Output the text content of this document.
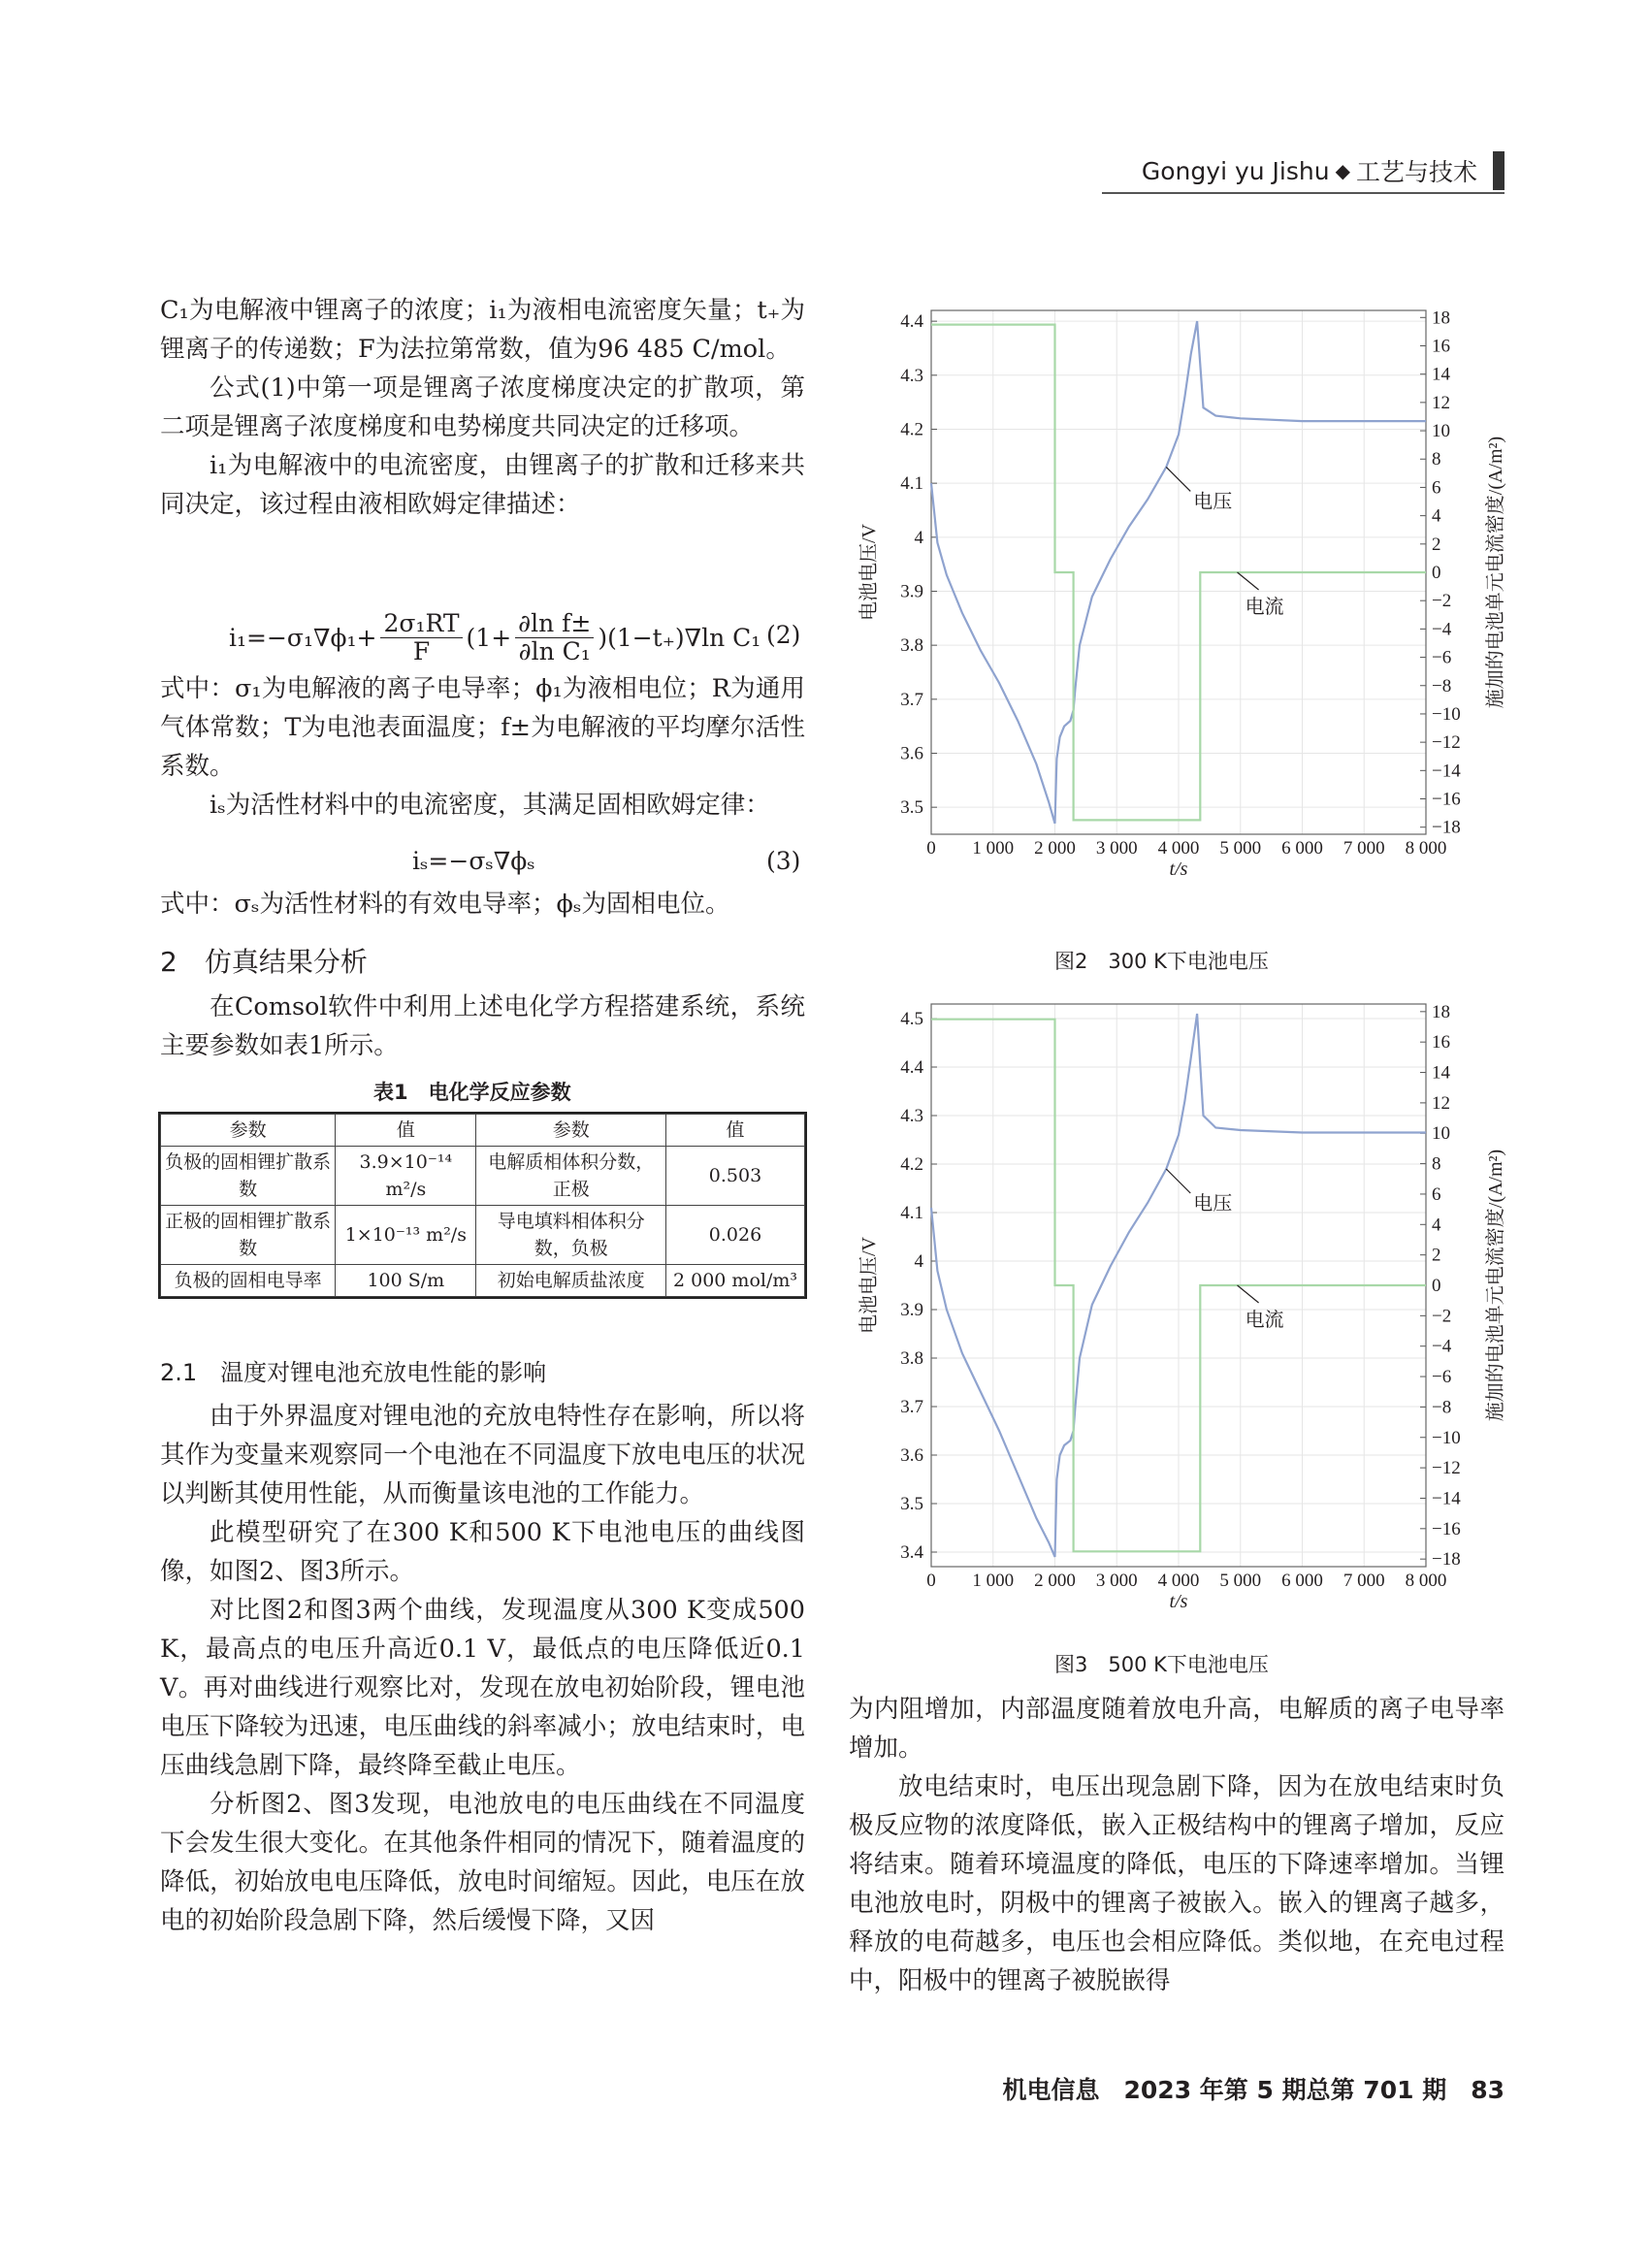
Gongyi yu Jishu ◆ 工艺与技术

C₁为电解液中锂离子的浓度；i₁为液相电流密度矢量；t₊为锂离子的传递数；F为法拉第常数，值为96 485 C/mol。

公式(1)中第一项是锂离子浓度梯度决定的扩散项，第二项是锂离子浓度梯度和电势梯度共同决定的迁移项。

i₁为电解液中的电流密度，由锂离子的扩散和迁移来共同决定，该过程由液相欧姆定律描述：

$i_1=-\sigma_1\nabla\phi_1+ \frac{\text{2σ₁RT}}{F} (1+ \frac{\text{∂ln f±}}{\text{∂ln C₁}} )(1-t_+)\nabla\ln$ C₁ (2)

式中：σ₁为电解液的离子电导率；ϕ₁为液相电位；R为通用气体常数；T为电池表面温度；f±为电解液的平均摩尔活性系数。

iₛ为活性材料中的电流密度，其满足固相欧姆定律：

iₛ=−σₛ∇ϕₛ	(3)

式中：σₛ为活性材料的有效电导率；ϕₛ为固相电位。

2　仿真结果分析

在Comsol软件中利用上述电化学方程搭建系统，系统主要参数如表1所示。

表1　电化学反应参数
参数	值	参数	值
负极的固相锂扩散系数	3.9×10⁻¹⁴ m²/s	电解质相体积分数，正极	0.503
正极的固相锂扩散系数	1×10⁻¹³ m²/s	导电填料相体积分数，负极	0.026
负极的固相电导率	100 S/m	初始电解质盐浓度	2 000 mol/m³
2.1　温度对锂电池充放电性能的影响

由于外界温度对锂电池的充放电特性存在影响，所以将其作为变量来观察同一个电池在不同温度下放电电压的状况以判断其使用性能，从而衡量该电池的工作能力。

此模型研究了在300 K和500 K下电池电压的曲线图像，如图2、图3所示。

对比图2和图3两个曲线，发现温度从300 K变成500 K，最高点的电压升高近0.1 V，最低点的电压降低近0.1 V。再对曲线进行观察比对，发现在放电初始阶段，锂电池电压下降较为迅速，电压曲线的斜率减小；放电结束时，电压曲线急剧下降，最终降至截止电压。

分析图2、图3发现，电池放电的电压曲线在不同温度下会发生很大变化。在其他条件相同的情况下，随着温度的降低，初始放电电压降低，放电时间缩短。因此，电压在放电的初始阶段急剧下降，然后缓慢下降，又因

0 1 000 2 000 3 000 4 000 5 000 6 000 7 000 8 000
3.5
3.6
3.7
3.8
3.9
4
4.1
4.2
4.3
4.4
−18
−16
−14
−12
−10
−8
−6
−4
−2
0
2
4
6
8
10
12
14
16
18
电压
电流
t/s
电池电压/V	施加的电池单元电流密度/(A/m²)
图2　300 K下电池电压
0 1 000 2 000 3 000 4 000 5 000 6 000 7 000 8 000
3.4
3.5
3.6
3.7
3.8
3.9
4
4.1
4.2
4.3
4.4
4.5
−18
−16
−14
−12
−10
−8
−6
−4
−2
0
2
4
6
8
10
12
14
16
18
电压
电流
t/s
电池电压/V	施加的电池单元电流密度/(A/m²)
图3　500 K下电池电压

为内阻增加，内部温度随着放电升高，电解质的离子电导率增加。

放电结束时，电压出现急剧下降，因为在放电结束时负极反应物的浓度降低，嵌入正极结构中的锂离子增加，反应将结束。随着环境温度的降低，电压的下降速率增加。当锂电池放电时，阴极中的锂离子被嵌入。嵌入的锂离子越多，释放的电荷越多，电压也会相应降低。类似地，在充电过程中，阳极中的锂离子被脱嵌得

机电信息　2023 年第 5 期总第 701 期　83
